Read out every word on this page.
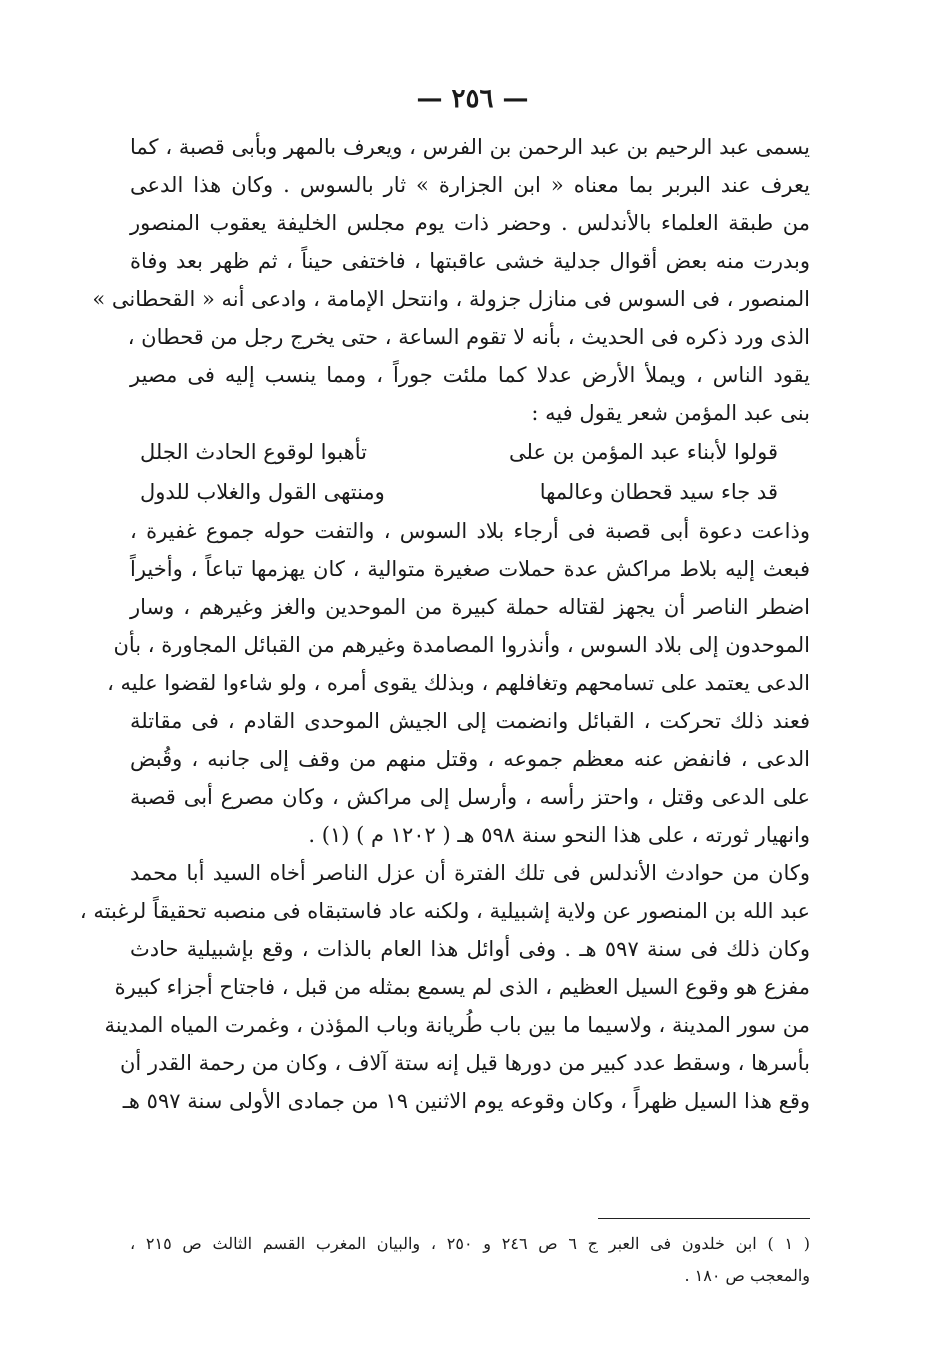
— ٢٥٦ —
يسمى عبد الرحيم بن عبد الرحمن بن الفرس ، ويعرف بالمهر وبأبى قصبة ، كما
يعرف عند البربر بما معناه « ابن الجزارة » ثار بالسوس . وكان هذا الدعى
من طبقة العلماء بالأندلس . وحضر ذات يوم مجلس الخليفة يعقوب المنصور
وبدرت منه بعض أقوال جدلية خشى عاقبتها ، فاختفى حيناً ، ثم ظهر بعد وفاة
المنصور ، فى السوس فى منازل جزولة ، وانتحل الإمامة ، وادعى أنه « القحطانى »
الذى ورد ذكره فى الحديث ، بأنه لا تقوم الساعة ، حتى يخرج رجل من قحطان ،
يقود الناس ، ويملأ الأرض عدلا كما ملئت جوراً ، ومما ينسب إليه فى مصير
بنى عبد المؤمن شعر يقول فيه :
قولوا لأبناء عبد المؤمن بن على
تأهبوا لوقوع الحادث الجلل
قد جاء سيد قحطان وعالمها
ومنتهى القول والغلاب للدول
وذاعت دعوة أبى قصبة فى أرجاء بلاد السوس ، والتفت حوله جموع غفيرة ،
فبعث إليه بلاط مراكش عدة حملات صغيرة متوالية ، كان يهزمها تباعاً ، وأخيراً
اضطر الناصر أن يجهز لقتاله حملة كبيرة من الموحدين والغز وغيرهم ، وسار
الموحدون إلى بلاد السوس ، وأنذروا المصامدة وغيرهم من القبائل المجاورة ، بأن
الدعى يعتمد على تسامحهم وتغافلهم ، وبذلك يقوى أمره ، ولو شاءوا لقضوا عليه ،
فعند ذلك تحركت ، القبائل وانضمت إلى الجيش الموحدى القادم ، فى مقاتلة
الدعى ، فانفض عنه معظم جموعه ، وقتل منهم من وقف إلى جانبه ، وقُبض
على الدعى وقتل ، واحتز رأسه ، وأرسل إلى مراكش ، وكان مصرع أبى قصبة
وانهيار ثورته ، على هذا النحو سنة ٥٩٨ هـ ( ١٢٠٢ م ) (١) .
وكان من حوادث الأندلس فى تلك الفترة أن عزل الناصر أخاه السيد أبا محمد
عبد الله بن المنصور عن ولاية إشبيلية ، ولكنه عاد فاستبقاه فى منصبه تحقيقاً لرغبته ،
وكان ذلك فى سنة ٥٩٧ هـ . وفى أوائل هذا العام بالذات ، وقع بإشبيلية حادث
مفزع هو وقوع السيل العظيم ، الذى لم يسمع بمثله من قبل ، فاجتاح أجزاء كبيرة
من سور المدينة ، ولاسيما ما بين باب طُريانة وباب المؤذن ، وغمرت المياه المدينة
بأسرها ، وسقط عدد كبير من دورها قيل إنه ستة آلاف ، وكان من رحمة القدر أن
وقع هذا السيل ظهراً ، وكان وقوعه يوم الاثنين ١٩ من جمادى الأولى سنة ٥٩٧ هـ
( ١ ) ابن خلدون فى العبر ج ٦ ص ٢٤٦ و ٢٥٠ ، والبيان المغرب القسم الثالث ص ٢١٥ ،
والمعجب ص ١٨٠ .
